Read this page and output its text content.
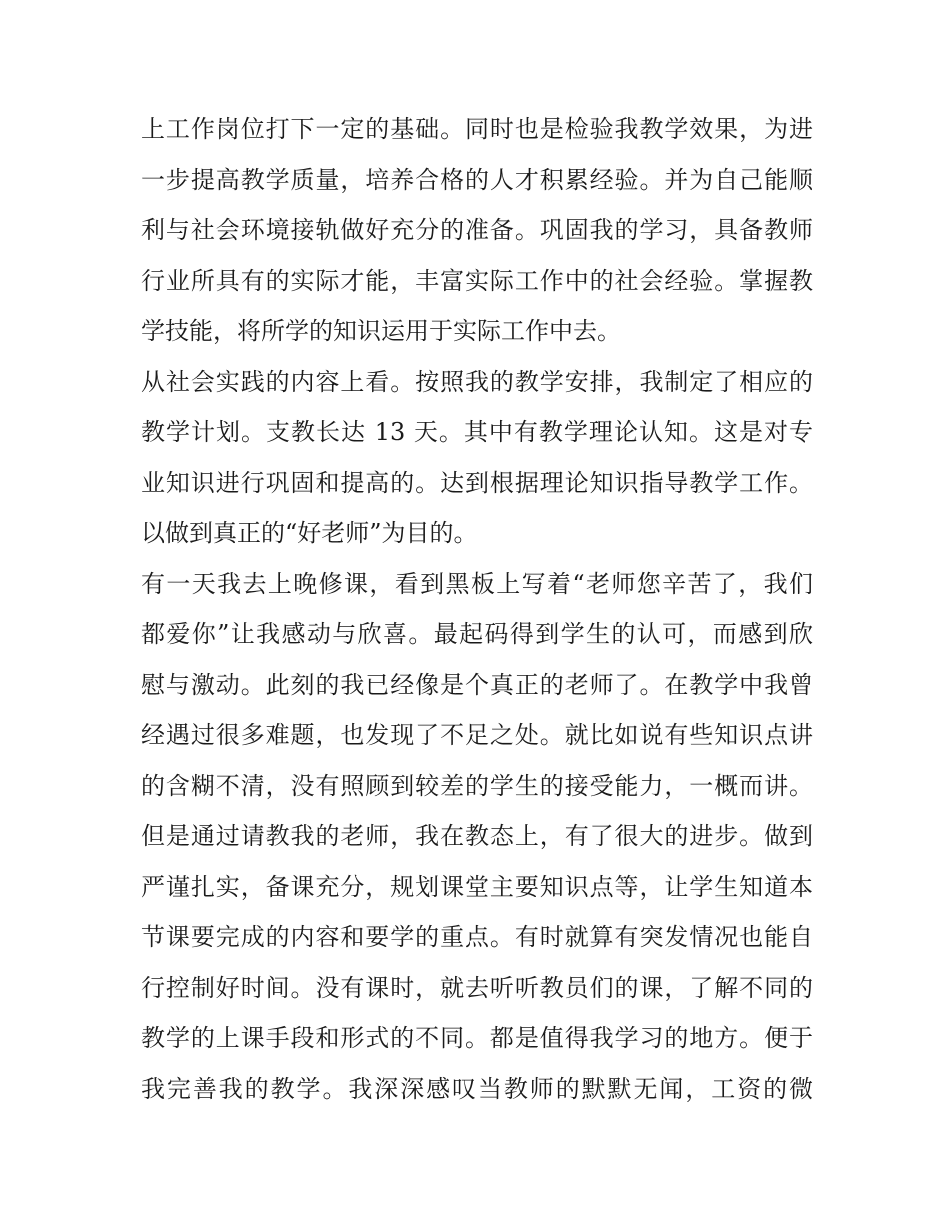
上工作岗位打下一定的基础。同时也是检验我教学效果，为进
一步提高教学质量，培养合格的人才积累经验。并为自己能顺
利与社会环境接轨做好充分的准备。巩固我的学习，具备教师
行业所具有的实际才能，丰富实际工作中的社会经验。掌握教
学技能，将所学的知识运用于实际工作中去。
从社会实践的内容上看。按照我的教学安排，我制定了相应的
教学计划。支教长达 13 天。其中有教学理论认知。这是对专
业知识进行巩固和提高的。达到根据理论知识指导教学工作。
以做到真正的“好老师”为目的。
有一天我去上晚修课，看到黑板上写着“老师您辛苦了，我们
都爱你”让我感动与欣喜。最起码得到学生的认可，而感到欣
慰与激动。此刻的我已经像是个真正的老师了。在教学中我曾
经遇过很多难题，也发现了不足之处。就比如说有些知识点讲
的含糊不清，没有照顾到较差的学生的接受能力，一概而讲。
但是通过请教我的老师，我在教态上，有了很大的进步。做到
严谨扎实，备课充分，规划课堂主要知识点等，让学生知道本
节课要完成的内容和要学的重点。有时就算有突发情况也能自
行控制好时间。没有课时，就去听听教员们的课，了解不同的
教学的上课手段和形式的不同。都是值得我学习的地方。便于
我完善我的教学。我深深感叹当教师的默默无闻，工资的微
